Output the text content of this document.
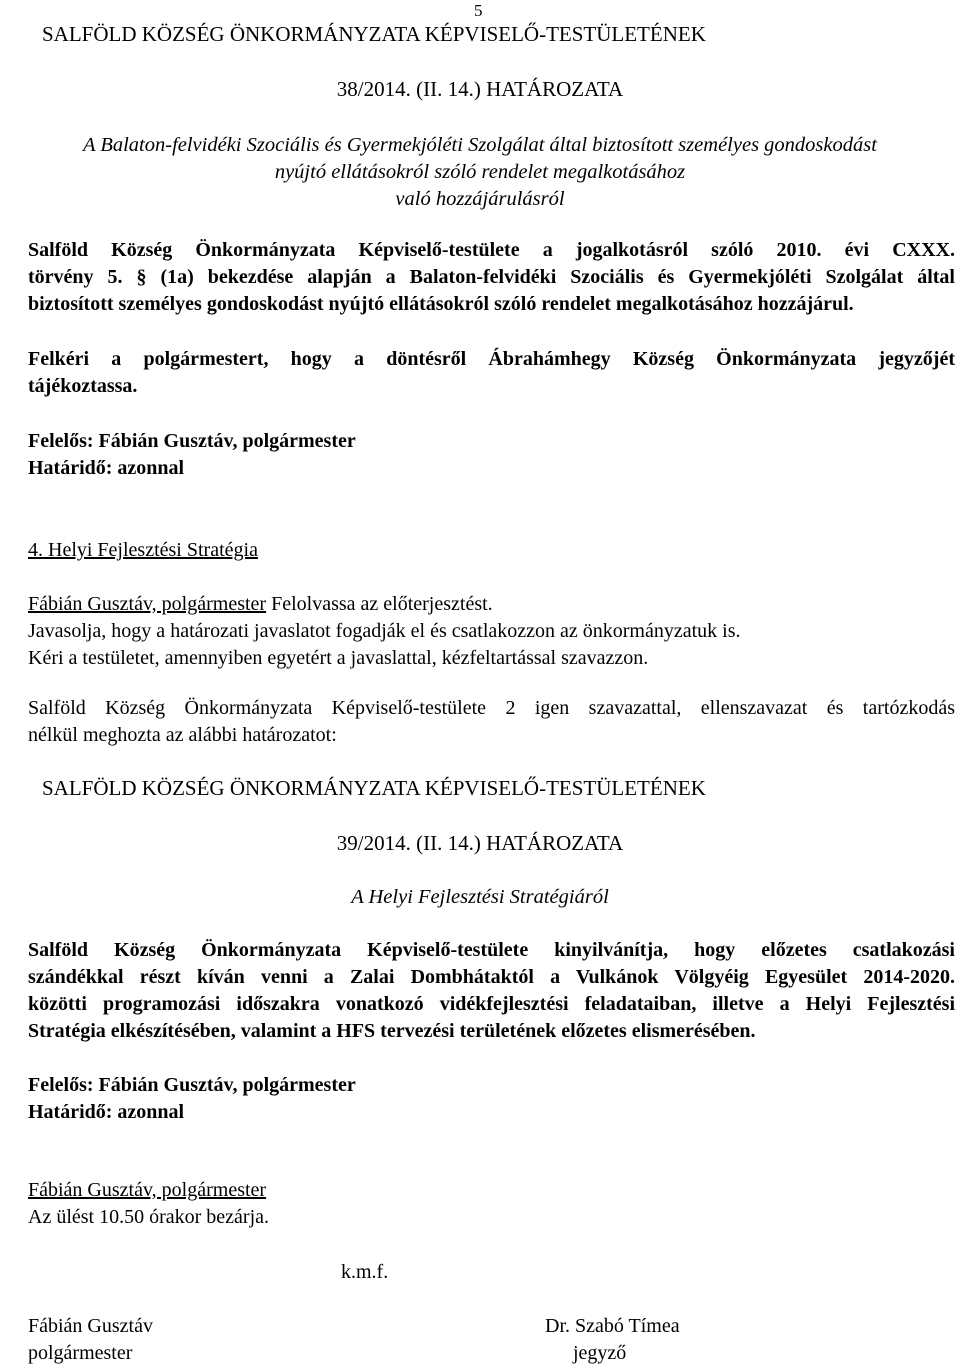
5
SALFÖLD KÖZSÉG ÖNKORMÁNYZATA KÉPVISELŐ-TESTÜLETÉNEK
38/2014. (II. 14.) HATÁROZATA
A Balaton-felvidéki Szociális és Gyermekjóléti Szolgálat által biztosított személyes gondoskodást
nyújtó ellátásokról szóló rendelet megalkotásához
való hozzájárulásról
Salföld Község Önkormányzata Képviselő-testülete a jogalkotásról szóló 2010. évi CXXX.
törvény 5. § (1a) bekezdése alapján a Balaton-felvidéki Szociális és Gyermekjóléti Szolgálat által
biztosított személyes gondoskodást nyújtó ellátásokról szóló rendelet megalkotásához hozzájárul.
Felkéri a polgármestert, hogy a döntésről Ábrahámhegy Község Önkormányzata jegyzőjét
tájékoztassa.
Felelős: Fábián Gusztáv, polgármester
Határidő: azonnal
4. Helyi Fejlesztési Stratégia
Fábián Gusztáv, polgármester Felolvassa az előterjesztést.
Javasolja, hogy a határozati javaslatot fogadják el és csatlakozzon az önkormányzatuk is.
Kéri a testületet, amennyiben egyetért a javaslattal, kézfeltartással szavazzon.
Salföld Község Önkormányzata Képviselő-testülete 2 igen szavazattal, ellenszavazat és tartózkodás
nélkül meghozta az alábbi határozatot:
SALFÖLD KÖZSÉG ÖNKORMÁNYZATA KÉPVISELŐ-TESTÜLETÉNEK
39/2014. (II. 14.) HATÁROZATA
A Helyi Fejlesztési Stratégiáról
Salföld Község Önkormányzata Képviselő-testülete kinyilvánítja, hogy előzetes csatlakozási
szándékkal részt kíván venni a Zalai Dombhátaktól a Vulkánok Völgyéig Egyesület 2014-2020.
közötti programozási időszakra vonatkozó vidékfejlesztési feladataiban, illetve a Helyi Fejlesztési
Stratégia elkészítésében, valamint a HFS tervezési területének előzetes elismerésében.
Felelős: Fábián Gusztáv, polgármester
Határidő: azonnal
Fábián Gusztáv, polgármester
Az ülést 10.50 órakor bezárja.
k.m.f.
Fábián Gusztáv
polgármester
Dr. Szabó Tímea
jegyző
